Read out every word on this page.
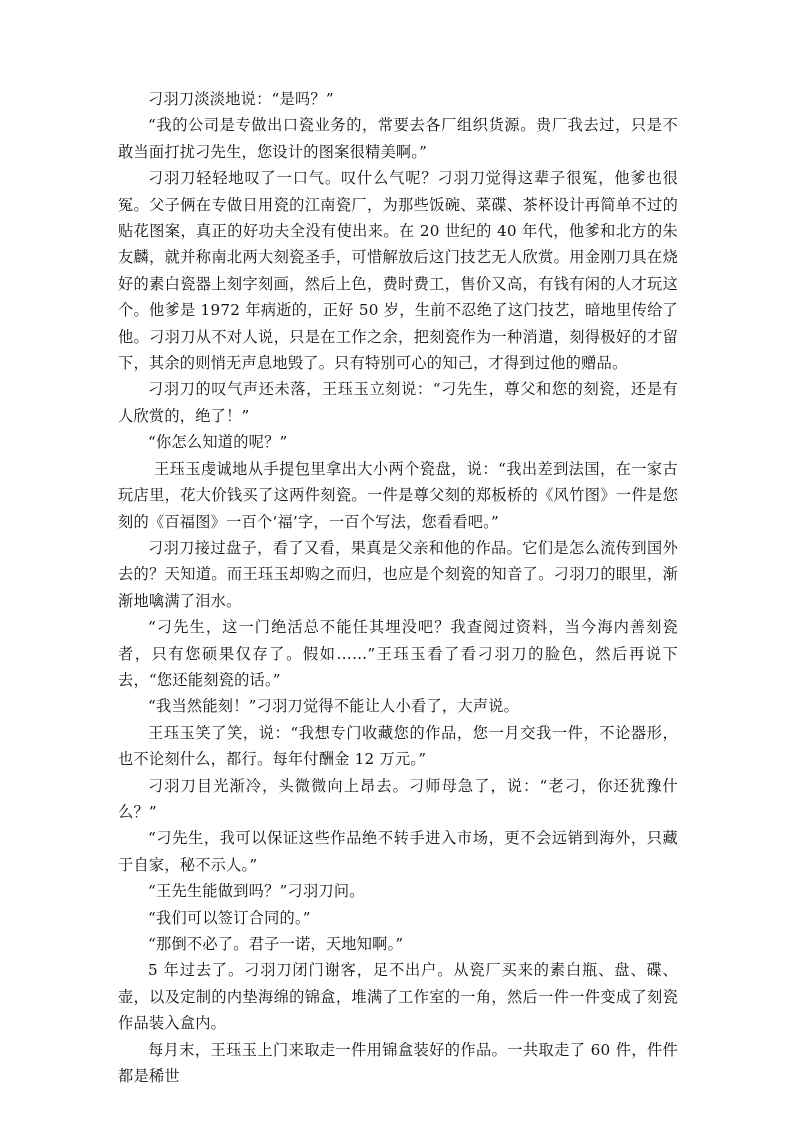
刁羽刀淡淡地说：“是吗？”

“我的公司是专做出口瓷业务的，常要去各厂组织货源。贵厂我去过，只是不敢当面打扰刁先生，您设计的图案很精美啊。”

刁羽刀轻轻地叹了一口气。叹什么气呢？刁羽刀觉得这辈子很冤，他爹也很冤。父子俩在专做日用瓷的江南瓷厂，为那些饭碗、菜碟、茶杯设计再简单不过的贴花图案，真正的好功夫全没有使出来。在 20 世纪的 40 年代，他爹和北方的朱友麟，就并称南北两大刻瓷圣手，可惜解放后这门技艺无人欣赏。用金刚刀具在烧好的素白瓷器上刻字刻画，然后上色，费时费工，售价又高，有钱有闲的人才玩这个。他爹是 1972 年病逝的，正好 50 岁，生前不忍绝了这门技艺，暗地里传给了他。刁羽刀从不对人说，只是在工作之余，把刻瓷作为一种消遣，刻得极好的才留下，其余的则悄无声息地毁了。只有特别可心的知己，才得到过他的赠品。

刁羽刀的叹气声还未落，王珏玉立刻说：“刁先生，尊父和您的刻瓷，还是有人欣赏的，绝了！”

“你怎么知道的呢？”

王珏玉虔诚地从手提包里拿出大小两个瓷盘，说：“我出差到法国，在一家古玩店里，花大价钱买了这两件刻瓷。一件是尊父刻的郑板桥的《风竹图》一件是您刻的《百福图》一百个‘福’字，一百个写法，您看看吧。”

刁羽刀接过盘子，看了又看，果真是父亲和他的作品。它们是怎么流传到国外去的？天知道。而王珏玉却购之而归，也应是个刻瓷的知音了。刁羽刀的眼里，渐渐地噙满了泪水。

“刁先生，这一门绝活总不能任其埋没吧？我查阅过资料，当今海内善刻瓷者，只有您硕果仅存了。假如……”王珏玉看了看刁羽刀的脸色，然后再说下去，“您还能刻瓷的话。”

“我当然能刻！”刁羽刀觉得不能让人小看了，大声说。

王珏玉笑了笑，说：“我想专门收藏您的作品，您一月交我一件，不论器形，也不论刻什么，都行。每年付酬金 12 万元。”

刁羽刀目光渐冷，头微微向上昂去。刁师母急了，说：“老刁，你还犹豫什么？”

“刁先生，我可以保证这些作品绝不转手进入市场，更不会远销到海外，只藏于自家，秘不示人。”

“王先生能做到吗？”刁羽刀问。

“我们可以签订合同的。”

“那倒不必了。君子一诺，天地知啊。”

5 年过去了。刁羽刀闭门谢客，足不出户。从瓷厂买来的素白瓶、盘、碟、壶，以及定制的内垫海绵的锦盒，堆满了工作室的一角，然后一件一件变成了刻瓷作品装入盒内。

每月末，王珏玉上门来取走一件用锦盒装好的作品。一共取走了 60 件，件件都是稀世
